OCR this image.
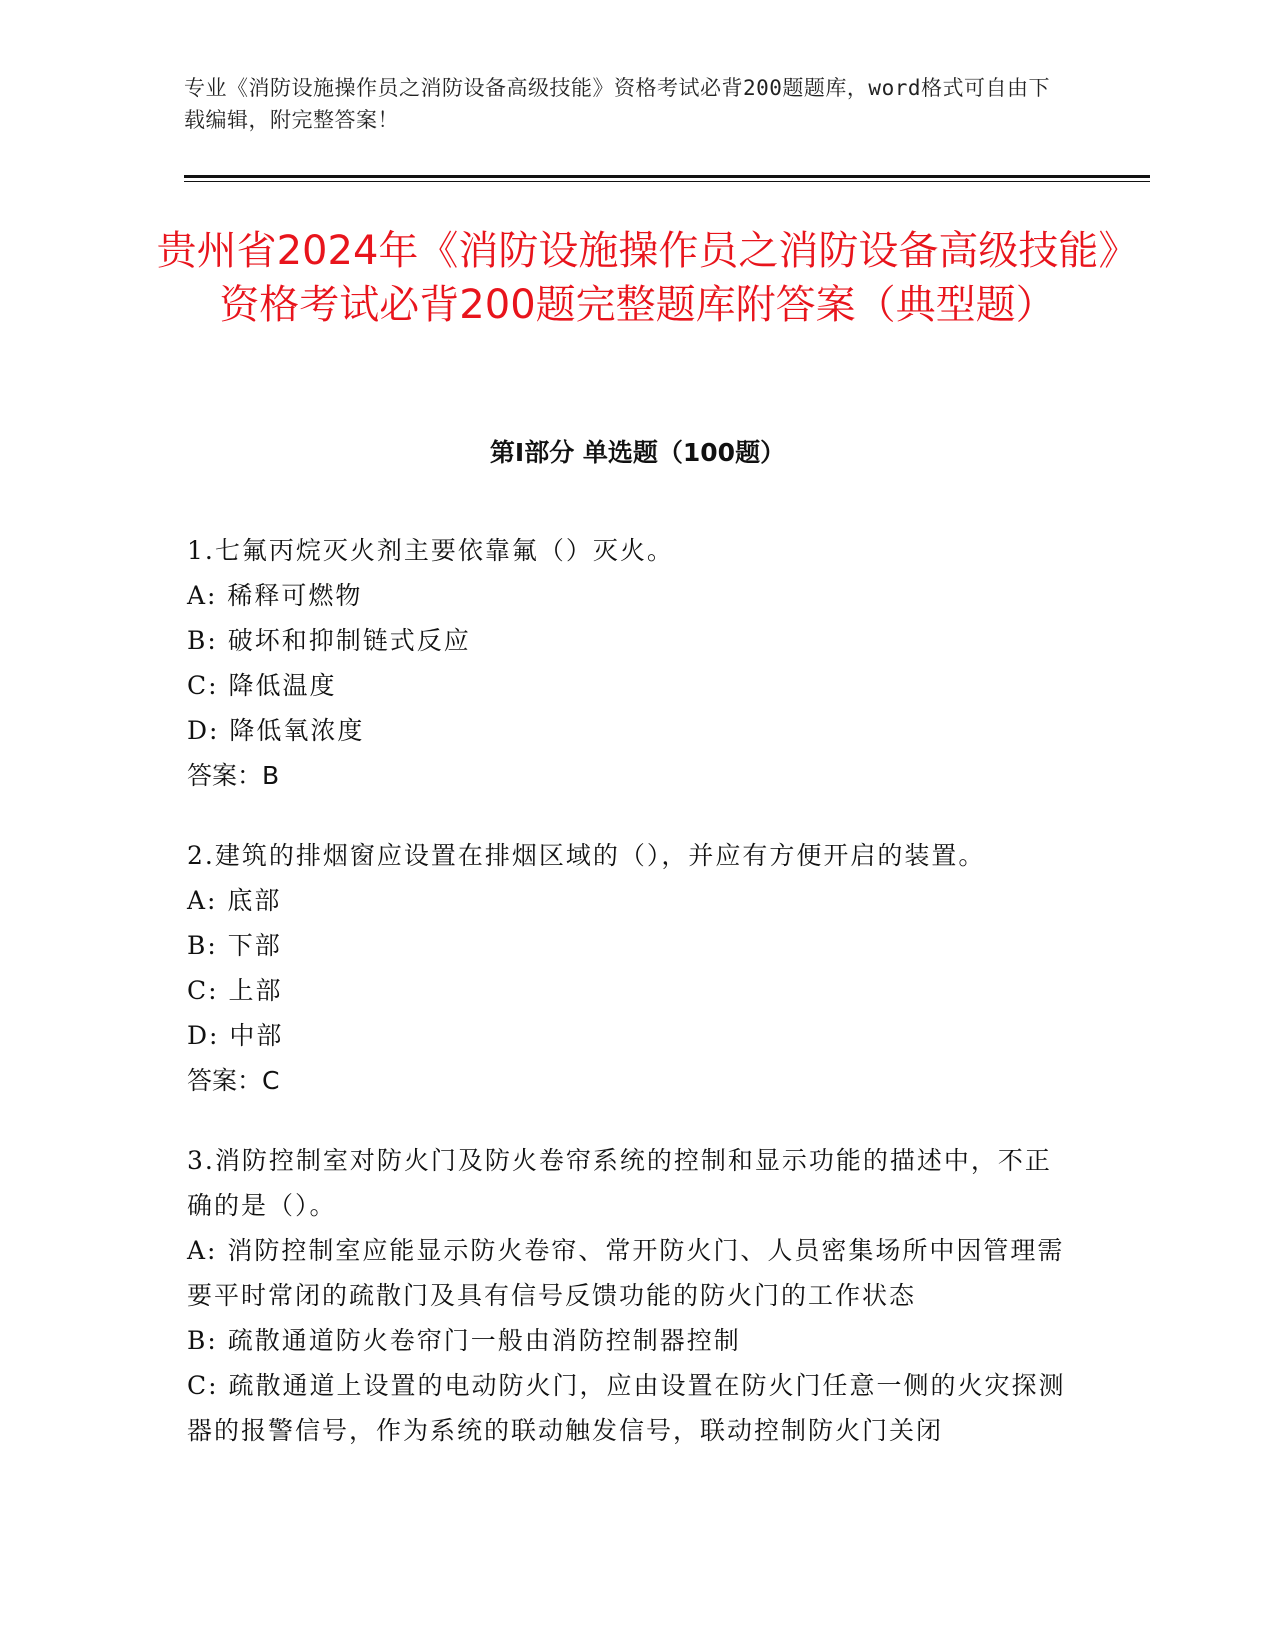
专业《消防设施操作员之消防设备高级技能》资格考试必背200题题库，word格式可自由下载编辑，附完整答案！
贵州省2024年《消防设施操作员之消防设备高级技能》资格考试必背200题完整题库附答案（典型题）
第Ⅰ部分 单选题（100题）
1.七氟丙烷灭火剂主要依靠氟（）灭火。
A: 稀释可燃物
B: 破坏和抑制链式反应
C: 降低温度
D: 降低氧浓度
答案：B
2.建筑的排烟窗应设置在排烟区域的（），并应有方便开启的装置。
A: 底部
B: 下部
C: 上部
D: 中部
答案：C
3.消防控制室对防火门及防火卷帘系统的控制和显示功能的描述中，不正确的是（）。
A: 消防控制室应能显示防火卷帘、常开防火门、人员密集场所中因管理需要平时常闭的疏散门及具有信号反馈功能的防火门的工作状态
B: 疏散通道防火卷帘门一般由消防控制器控制
C: 疏散通道上设置的电动防火门，应由设置在防火门任意一侧的火灾探测器的报警信号，作为系统的联动触发信号，联动控制防火门关闭
